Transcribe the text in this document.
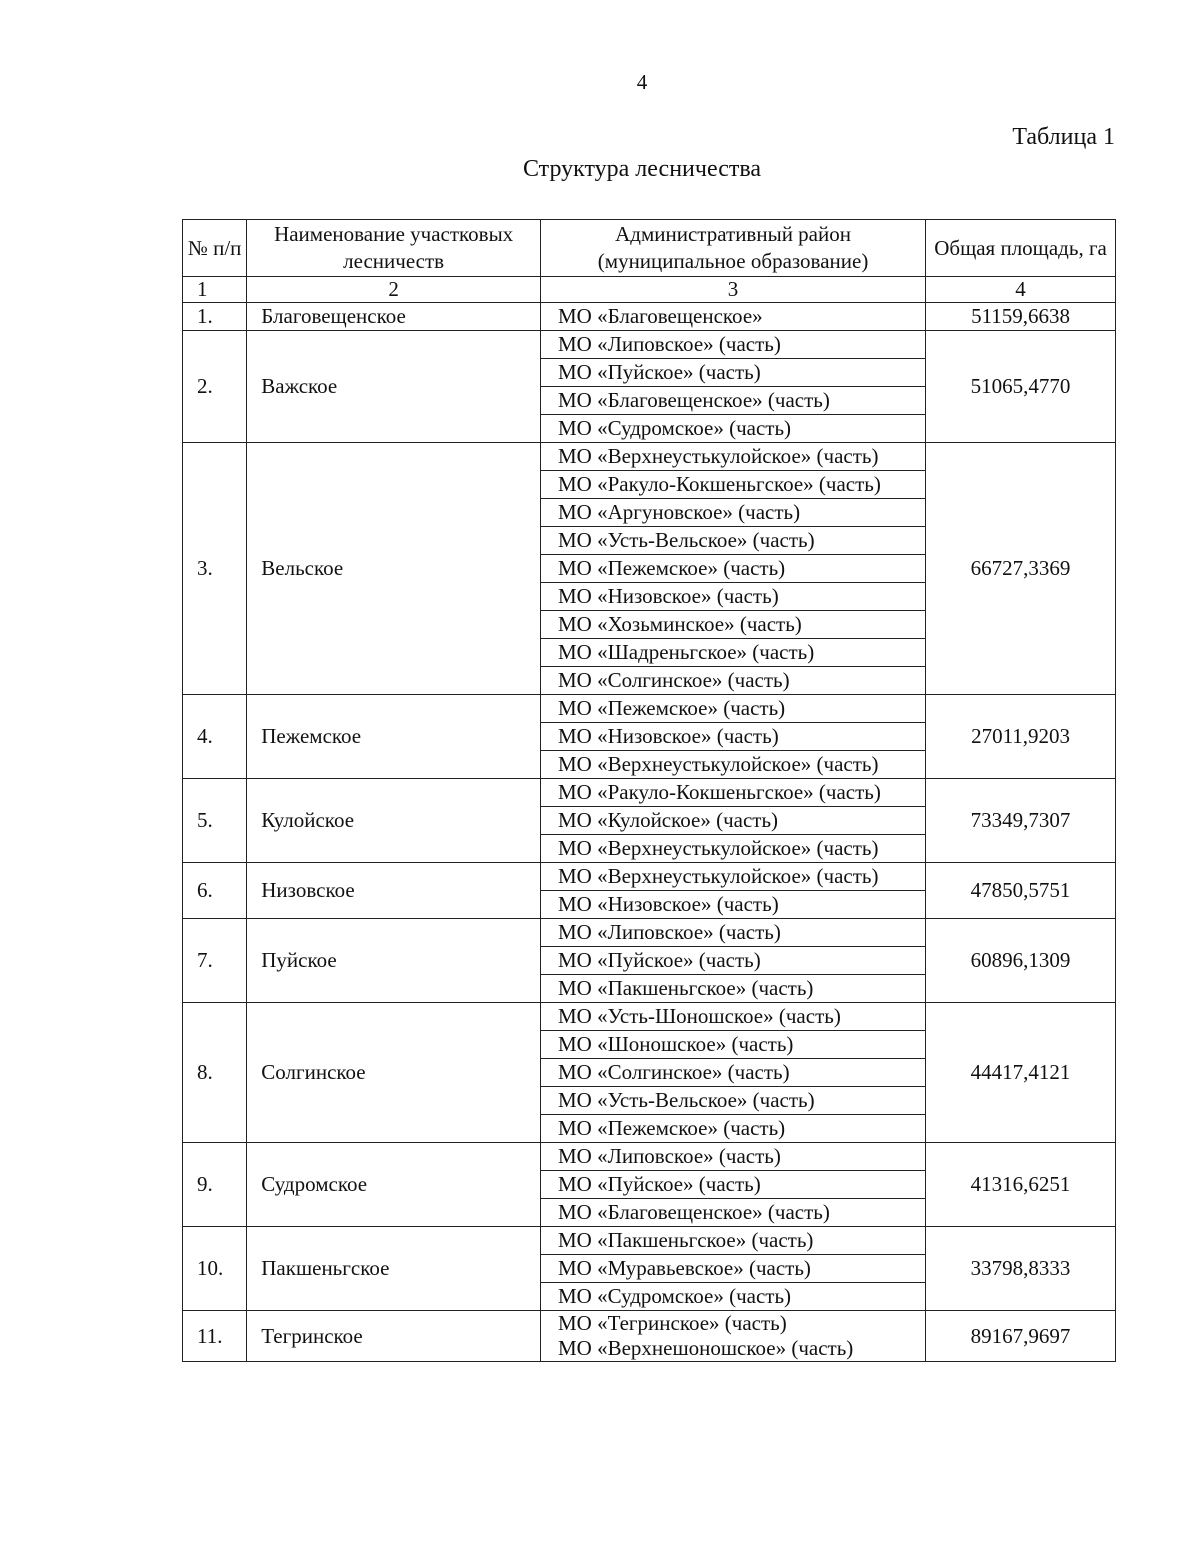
4
Таблица 1
Структура лесничества
№ п/п	Наименование участковых лесничеств	Административный район (муниципальное образование)	Общая площадь, га
1	2	3	4
1.	Благовещенское	МО «Благовещенское»	51159,6638
2.	Важское	МО «Липовское» (часть)	51065,4770
		МО «Пуйское» (часть)	
		МО «Благовещенское» (часть)	
		МО «Судромское» (часть)	
3.	Вельское	МО «Верхнеустькулойское» (часть)	66727,3369
		МО «Ракуло-Кокшеньгское» (часть)	
		МО «Аргуновское» (часть)	
		МО «Усть-Вельское» (часть)	
		МО «Пежемское» (часть)	
		МО «Низовское» (часть)	
		МО «Хозьминское» (часть)	
		МО «Шадреньгское» (часть)	
		МО «Солгинское» (часть)	
4.	Пежемское	МО «Пежемское» (часть)	27011,9203
		МО «Низовское» (часть)	
		МО «Верхнеустькулойское» (часть)	
5.	Кулойское	МО «Ракуло-Кокшеньгское» (часть)	73349,7307
		МО «Кулойское» (часть)	
		МО «Верхнеустькулойское» (часть)	
6.	Низовское	МО «Верхнеустькулойское» (часть)	47850,5751
		МО «Низовское» (часть)	
7.	Пуйское	МО «Липовское» (часть)	60896,1309
		МО «Пуйское» (часть)	
		МО «Пакшеньгское» (часть)	
8.	Солгинское	МО «Усть-Шоношское» (часть)	44417,4121
		МО «Шоношское» (часть)	
		МО «Солгинское» (часть)	
		МО «Усть-Вельское» (часть)	
		МО «Пежемское» (часть)	
9.	Судромское	МО «Липовское» (часть)	41316,6251
		МО «Пуйское» (часть)	
		МО «Благовещенское» (часть)	
10.	Пакшеньгское	МО «Пакшеньгское» (часть)	33798,8333
		МО «Муравьевское» (часть)	
		МО «Судромское» (часть)	
11.	Тегринское	МО «Тегринское» (часть)
МО «Верхнешоношское» (часть)	89167,9697
